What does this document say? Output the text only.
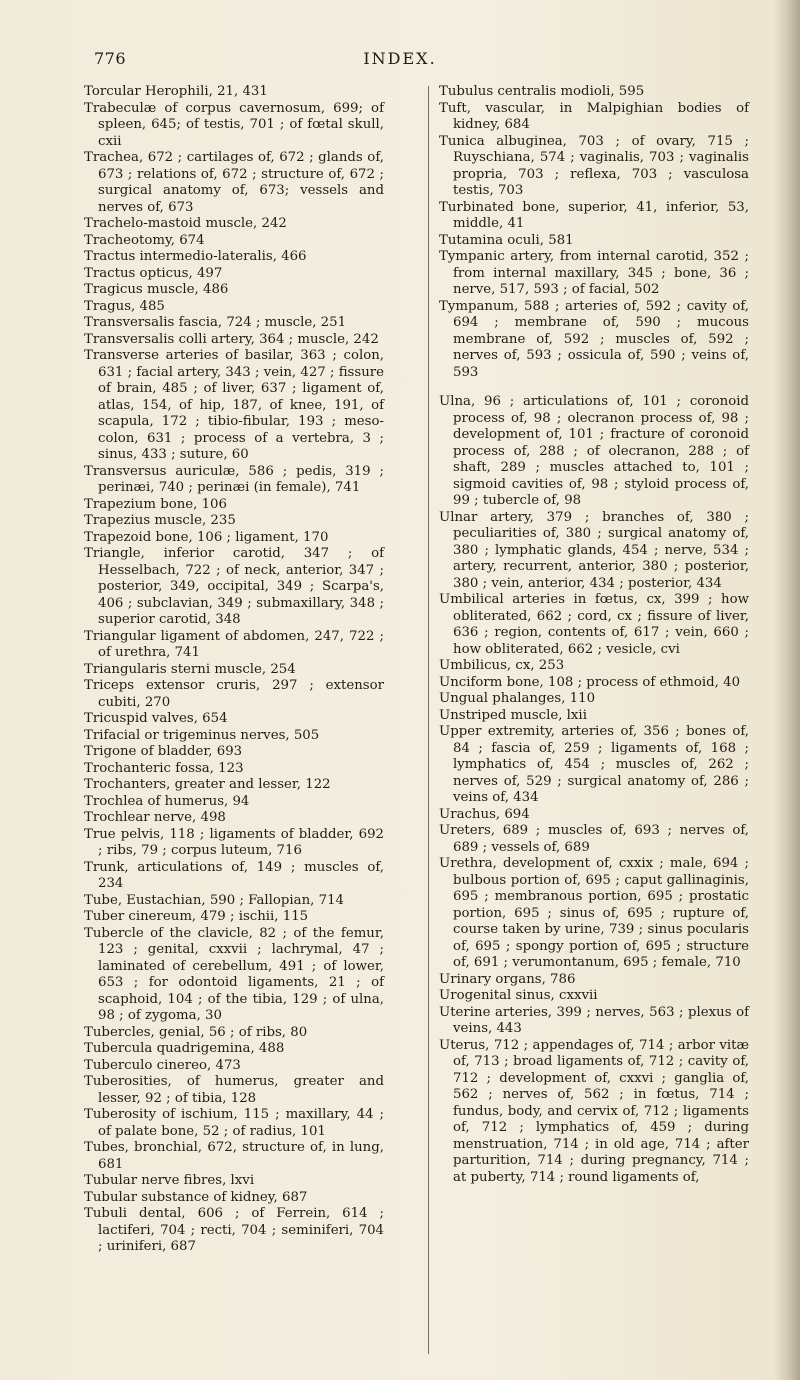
776	INDEX.
Torcular Herophili, 21, 431
Trabeculæ of corpus cavernosum, 699; of spleen, 645; of testis, 701 ; of fœtal skull, cxii
Trachea, 672 ; cartilages of, 672 ; glands of, 673 ; relations of, 672 ; structure of, 672 ; surgical anatomy of, 673; vessels and nerves of, 673
Trachelo-mastoid muscle, 242
Tracheotomy, 674
Tractus intermedio-lateralis, 466
Tractus opticus, 497
Tragicus muscle, 486
Tragus, 485
Transversalis fascia, 724 ; muscle, 251
Transversalis colli artery, 364 ; muscle, 242
Transverse arteries of basilar, 363 ; colon, 631 ; facial artery, 343 ; vein, 427 ; fissure of brain, 485 ; of liver, 637 ; ligament of, atlas, 154, of hip, 187, of knee, 191, of scapula, 172 ; tibio-fibular, 193 ; meso-colon, 631 ; process of a vertebra, 3 ; sinus, 433 ; suture, 60
Transversus auriculæ, 586 ; pedis, 319 ; perinæi, 740 ; perinæi (in female), 741
Trapezium bone, 106
Trapezius muscle, 235
Trapezoid bone, 106 ; ligament, 170
Triangle, inferior carotid, 347 ; of Hesselbach, 722 ; of neck, anterior, 347 ; posterior, 349, occipital, 349 ; Scarpa's, 406 ; subclavian, 349 ; submaxillary, 348 ; superior carotid, 348
Triangular ligament of abdomen, 247, 722 ; of urethra, 741
Triangularis sterni muscle, 254
Triceps extensor cruris, 297 ; extensor cubiti, 270
Tricuspid valves, 654
Trifacial or trigeminus nerves, 505
Trigone of bladder, 693
Trochanteric fossa, 123
Trochanters, greater and lesser, 122
Trochlea of humerus, 94
Trochlear nerve, 498
True pelvis, 118 ; ligaments of bladder, 692 ; ribs, 79 ; corpus luteum, 716
Trunk, articulations of, 149 ; muscles of, 234
Tube, Eustachian, 590 ; Fallopian, 714
Tuber cinereum, 479 ; ischii, 115
Tubercle of the clavicle, 82 ; of the femur, 123 ; genital, cxxvii ; lachrymal, 47 ; laminated of cerebellum, 491 ; of lower, 653 ; for odontoid ligaments, 21 ; of scaphoid, 104 ; of the tibia, 129 ; of ulna, 98 ; of zygoma, 30
Tubercles, genial, 56 ; of ribs, 80
Tubercula quadrigemina, 488
Tuberculo cinereo, 473
Tuberosities, of humerus, greater and lesser, 92 ; of tibia, 128
Tuberosity of ischium, 115 ; maxillary, 44 ; of palate bone, 52 ; of radius, 101
Tubes, bronchial, 672, structure of, in lung, 681
Tubular nerve fibres, lxvi
Tubular substance of kidney, 687
Tubuli dental, 606 ; of Ferrein, 614 ; lactiferi, 704 ; recti, 704 ; seminiferi, 704 ; uriniferi, 687
Tubulus centralis modioli, 595
Tuft, vascular, in Malpighian bodies of kidney, 684
Tunica albuginea, 703 ; of ovary, 715 ; Ruyschiana, 574 ; vaginalis, 703 ; vaginalis propria, 703 ; reflexa, 703 ; vasculosa testis, 703
Turbinated bone, superior, 41, inferior, 53, middle, 41
Tutamina oculi, 581
Tympanic artery, from internal carotid, 352 ; from internal maxillary, 345 ; bone, 36 ; nerve, 517, 593 ; of facial, 502
Tympanum, 588 ; arteries of, 592 ; cavity of, 694 ; membrane of, 590 ; mucous membrane of, 592 ; muscles of, 592 ; nerves of, 593 ; ossicula of, 590 ; veins of, 593
Ulna, 96 ; articulations of, 101 ; coronoid process of, 98 ; olecranon process of, 98 ; development of, 101 ; fracture of coronoid process of, 288 ; of olecranon, 288 ; of shaft, 289 ; muscles attached to, 101 ; sigmoid cavities of, 98 ; styloid process of, 99 ; tubercle of, 98
Ulnar artery, 379 ; branches of, 380 ; peculiarities of, 380 ; surgical anatomy of, 380 ; lymphatic glands, 454 ; nerve, 534 ; artery, recurrent, anterior, 380 ; posterior, 380 ; vein, anterior, 434 ; posterior, 434
Umbilical arteries in fœtus, cx, 399 ; how obliterated, 662 ; cord, cx ; fissure of liver, 636 ; region, contents of, 617 ; vein, 660 ; how obliterated, 662 ; vesicle, cvi
Umbilicus, cx, 253
Unciform bone, 108 ; process of ethmoid, 40
Ungual phalanges, 110
Unstriped muscle, lxii
Upper extremity, arteries of, 356 ; bones of, 84 ; fascia of, 259 ; ligaments of, 168 ; lymphatics of, 454 ; muscles of, 262 ; nerves of, 529 ; surgical anatomy of, 286 ; veins of, 434
Urachus, 694
Ureters, 689 ; muscles of, 693 ; nerves of, 689 ; vessels of, 689
Urethra, development of, cxxix ; male, 694 ; bulbous portion of, 695 ; caput gallinaginis, 695 ; membranous portion, 695 ; prostatic portion, 695 ; sinus of, 695 ; rupture of, course taken by urine, 739 ; sinus pocularis of, 695 ; spongy portion of, 695 ; structure of, 691 ; verumontanum, 695 ; female, 710
Urinary organs, 786
Urogenital sinus, cxxvii
Uterine arteries, 399 ; nerves, 563 ; plexus of veins, 443
Uterus, 712 ; appendages of, 714 ; arbor vitæ of, 713 ; broad ligaments of, 712 ; cavity of, 712 ; development of, cxxvi ; ganglia of, 562 ; nerves of, 562 ; in fœtus, 714 ; fundus, body, and cervix of, 712 ; ligaments of, 712 ; lymphatics of, 459 ; during menstruation, 714 ; in old age, 714 ; after parturition, 714 ; during pregnancy, 714 ; at puberty, 714 ; round ligaments of,
